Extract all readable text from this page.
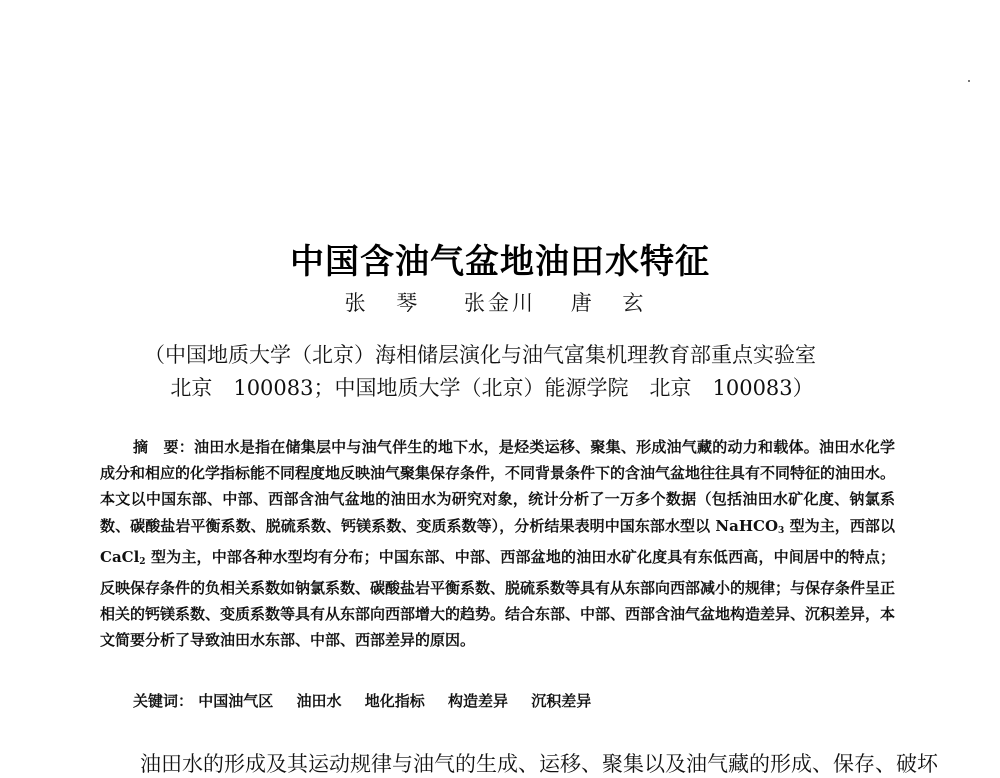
中国含油气盆地油田水特征
张 琴 张金川 唐 玄
（中国地质大学（北京）海相储层演化与油气富集机理教育部重点实验室
北京　100083；中国地质大学（北京）能源学院　北京　100083）
摘　要：油田水是指在储集层中与油气伴生的地下水，是烃类运移、聚集、形成油气藏的动力和载体。油田水化学成分和相应的化学指标能不同程度地反映油气聚集保存条件，不同背景条件下的含油气盆地往往具有不同特征的油田水。本文以中国东部、中部、西部含油气盆地的油田水为研究对象，统计分析了一万多个数据（包括油田水矿化度、钠氯系数、碳酸盐岩平衡系数、脱硫系数、钙镁系数、变质系数等），分析结果表明中国东部水型以 NaHCO$_3$ 型为主，西部以 CaCl$_2$ 型为主，中部各种水型均有分布；中国东部、中部、西部盆地的油田水矿化度具有东低西高，中间居中的特点；反映保存条件的负相关系数如钠氯系数、碳酸盐岩平衡系数、脱硫系数等具有从东部向西部减小的规律；与保存条件呈正相关的钙镁系数、变质系数等具有从东部向西部增大的趋势。结合东部、中部、西部含油气盆地构造差异、沉积差异，本文简要分析了导致油田水东部、中部、西部差异的原因。
关键词： 中国油气区 油田水 地化指标 构造差异 沉积差异
油田水的形成及其运动规律与油气的生成、运移、聚集以及油气藏的形成、保存、破坏
